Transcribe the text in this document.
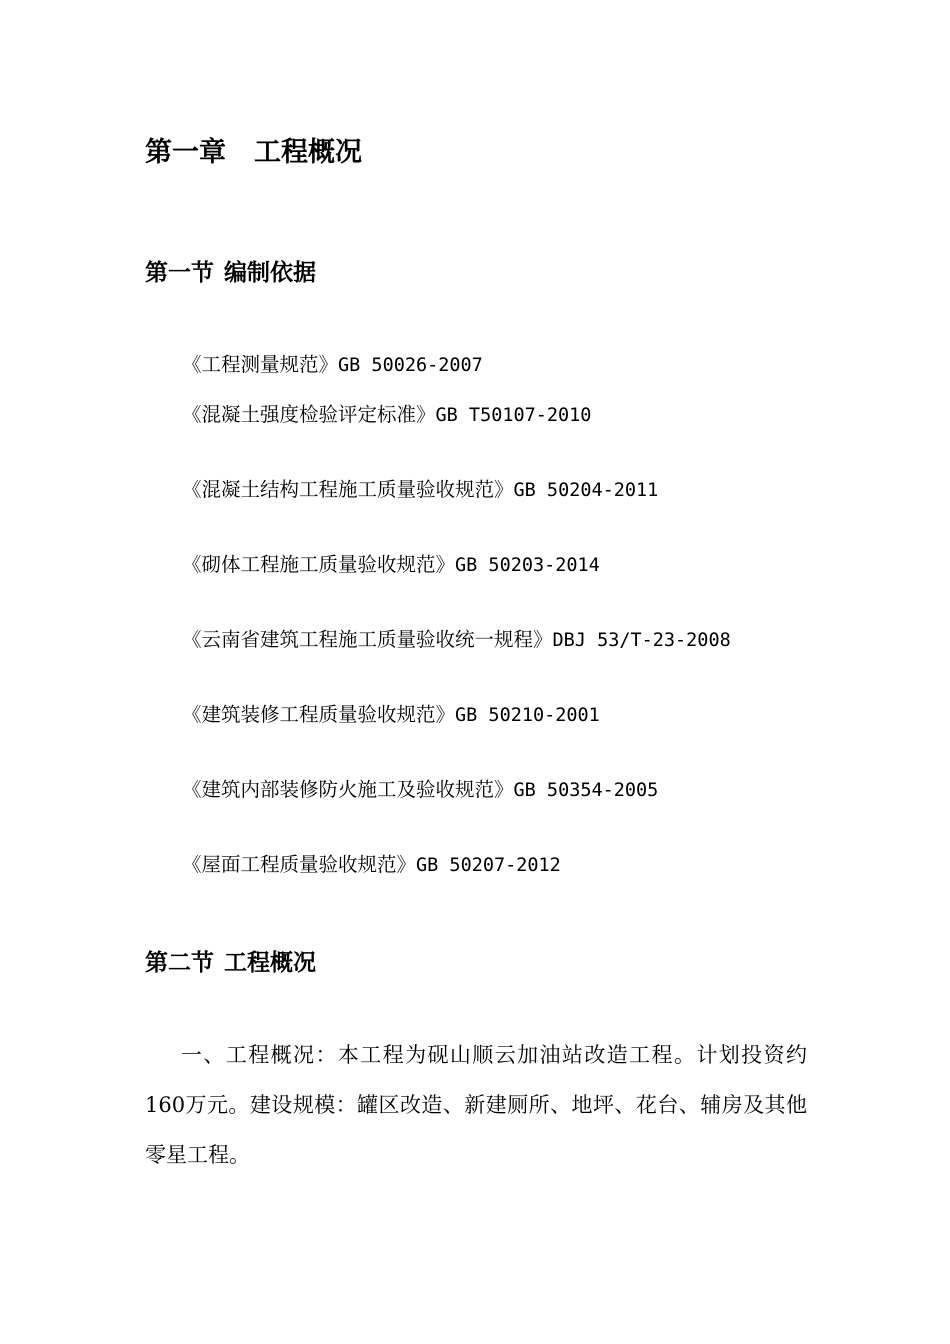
第一章 工程概况
第一节 编制依据
《工程测量规范》GB 50026-2007
《混凝土强度检验评定标准》GB T50107-2010
《混凝土结构工程施工质量验收规范》GB 50204-2011
《砌体工程施工质量验收规范》GB 50203-2014
《云南省建筑工程施工质量验收统一规程》DBJ 53/T-23-2008
《建筑装修工程质量验收规范》GB 50210-2001
《建筑内部装修防火施工及验收规范》GB 50354-2005
《屋面工程质量验收规范》GB 50207-2012
第二节 工程概况

一、工程概况：本工程为砚山顺云加油站改造工程。计划投资约160万元。建设规模：罐区改造、新建厕所、地坪、花台、辅房及其他零星工程。
